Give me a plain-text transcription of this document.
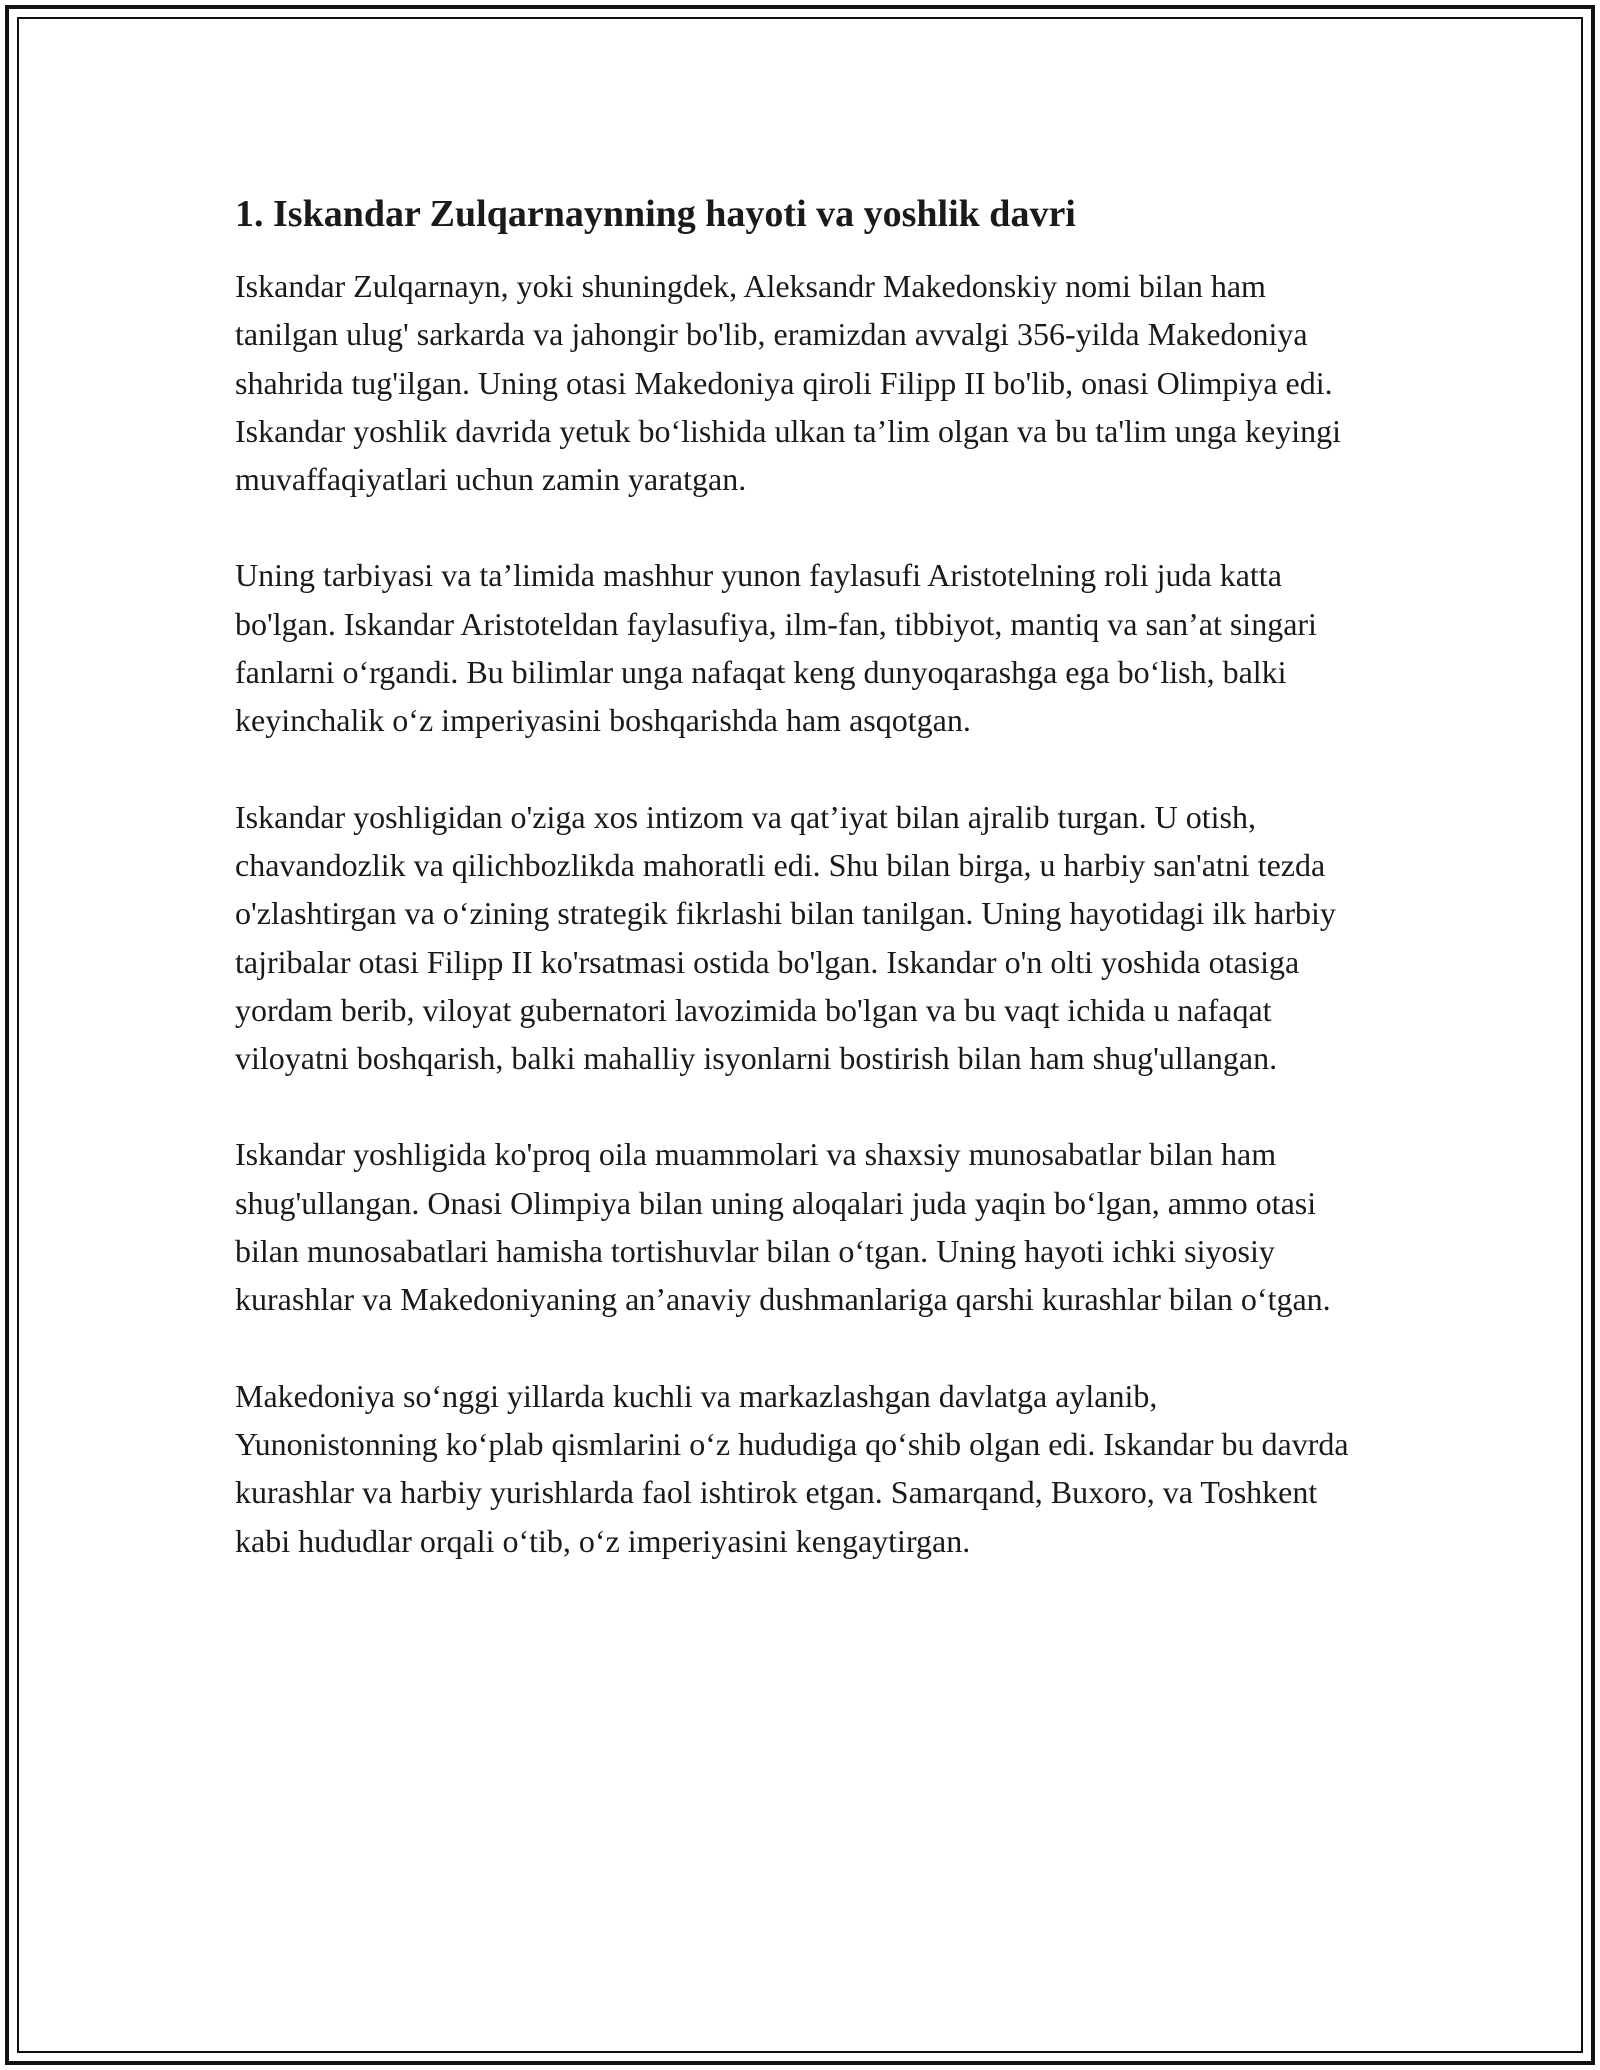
1. Iskandar Zulqarnaynning hayoti va yoshlik davri

Iskandar Zulqarnayn, yoki shuningdek, Aleksandr Makedonskiy nomi bilan ham tanilgan ulug' sarkarda va jahongir bo'lib, eramizdan avvalgi 356-yilda Makedoniya shahrida tug'ilgan. Uning otasi Makedoniya qiroli Filipp II bo'lib, onasi Olimpiya edi. Iskandar yoshlik davrida yetuk boʻlishida ulkan taʼlim olgan va bu ta'lim unga keyingi muvaffaqiyatlari uchun zamin yaratgan.

Uning tarbiyasi va taʼlimida mashhur yunon faylasufi Aristotelning roli juda katta bo'lgan. Iskandar Aristoteldan faylasufiya, ilm-fan, tibbiyot, mantiq va sanʼat singari fanlarni oʻrgandi. Bu bilimlar unga nafaqat keng dunyoqarashga ega boʻlish, balki keyinchalik oʻz imperiyasini boshqarishda ham asqotgan.

Iskandar yoshligidan o'ziga xos intizom va qatʼiyat bilan ajralib turgan. U otish, chavandozlik va qilichbozlikda mahoratli edi. Shu bilan birga, u harbiy san'atni tezda o'zlashtirgan va oʻzining strategik fikrlashi bilan tanilgan. Uning hayotidagi ilk harbiy tajribalar otasi Filipp II ko'rsatmasi ostida bo'lgan. Iskandar o'n olti yoshida otasiga yordam berib, viloyat gubernatori lavozimida bo'lgan va bu vaqt ichida u nafaqat viloyatni boshqarish, balki mahalliy isyonlarni bostirish bilan ham shug'ullangan.

Iskandar yoshligida ko'proq oila muammolari va shaxsiy munosabatlar bilan ham shug'ullangan. Onasi Olimpiya bilan uning aloqalari juda yaqin boʻlgan, ammo otasi bilan munosabatlari hamisha tortishuvlar bilan oʻtgan. Uning hayoti ichki siyosiy kurashlar va Makedoniyaning anʼanaviy dushmanlariga qarshi kurashlar bilan oʻtgan.

Makedoniya soʻnggi yillarda kuchli va markazlashgan davlatga aylanib, Yunonistonning koʻplab qismlarini oʻz hududiga qoʻshib olgan edi. Iskandar bu davrda kurashlar va harbiy yurishlarda faol ishtirok etgan. Samarqand, Buxoro, va Toshkent kabi hududlar orqali oʻtib, oʻz imperiyasini kengaytirgan.
